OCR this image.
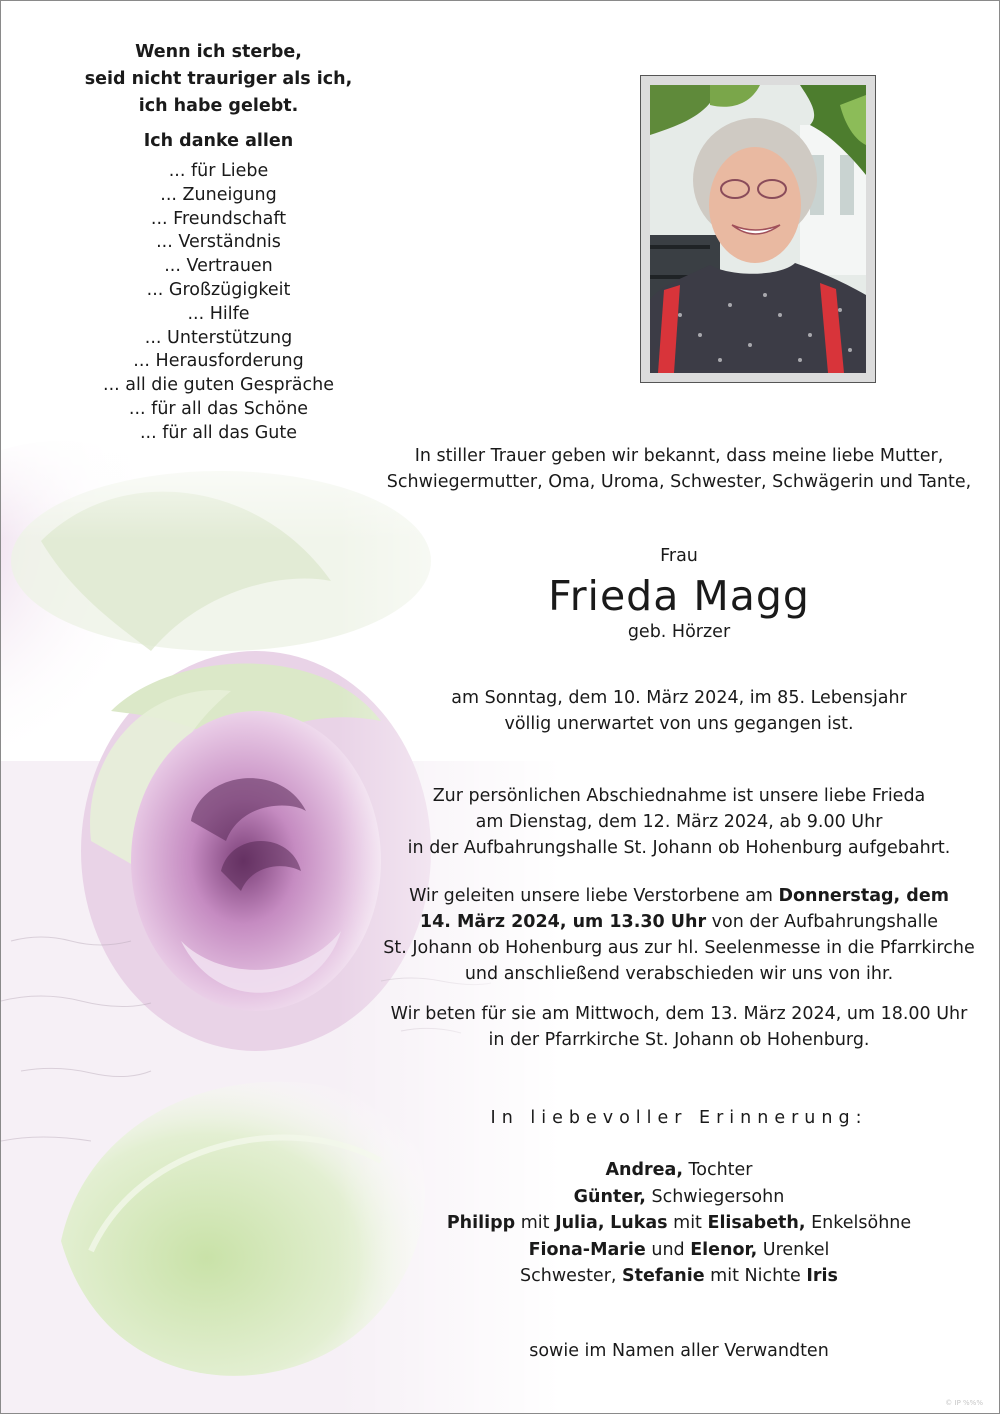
Wenn ich sterbe,
seid nicht trauriger als ich,
ich habe gelebt.
Ich danke allen
... für Liebe
... Zuneigung
... Freundschaft
... Verständnis
... Vertrauen
... Großzügigkeit
... Hilfe
... Unterstützung
... Herausforderung
... all die guten Gespräche
... für all das Schöne
... für all das Gute
In stiller Trauer geben wir bekannt, dass meine liebe Mutter,
Schwiegermutter, Oma, Uroma, Schwester, Schwägerin und Tante,
Frau
Frieda Magg
geb. Hörzer
am Sonntag, dem 10. März 2024, im 85. Lebensjahr
völlig unerwartet von uns gegangen ist.
Zur persönlichen Abschiednahme ist unsere liebe Frieda
am Dienstag, dem 12. März 2024, ab 9.00 Uhr
in der Aufbahrungshalle St. Johann ob Hohenburg aufgebahrt.
Wir geleiten unsere liebe Verstorbene am Donnerstag, dem
14. März 2024, um 13.30 Uhr von der Aufbahrungshalle
St. Johann ob Hohenburg aus zur hl. Seelenmesse in die Pfarrkirche
und anschließend verabschieden wir uns von ihr.
Wir beten für sie am Mittwoch, dem 13. März 2024, um 18.00 Uhr
in der Pfarrkirche St. Johann ob Hohenburg.
In liebevoller Erinnerung:
Andrea, Tochter
Günter, Schwiegersohn
Philipp mit Julia, Lukas mit Elisabeth, Enkelsöhne
Fiona-Marie und Elenor, Urenkel
Schwester, Stefanie mit Nichte Iris
sowie im Namen aller Verwandten
© IP %%%
